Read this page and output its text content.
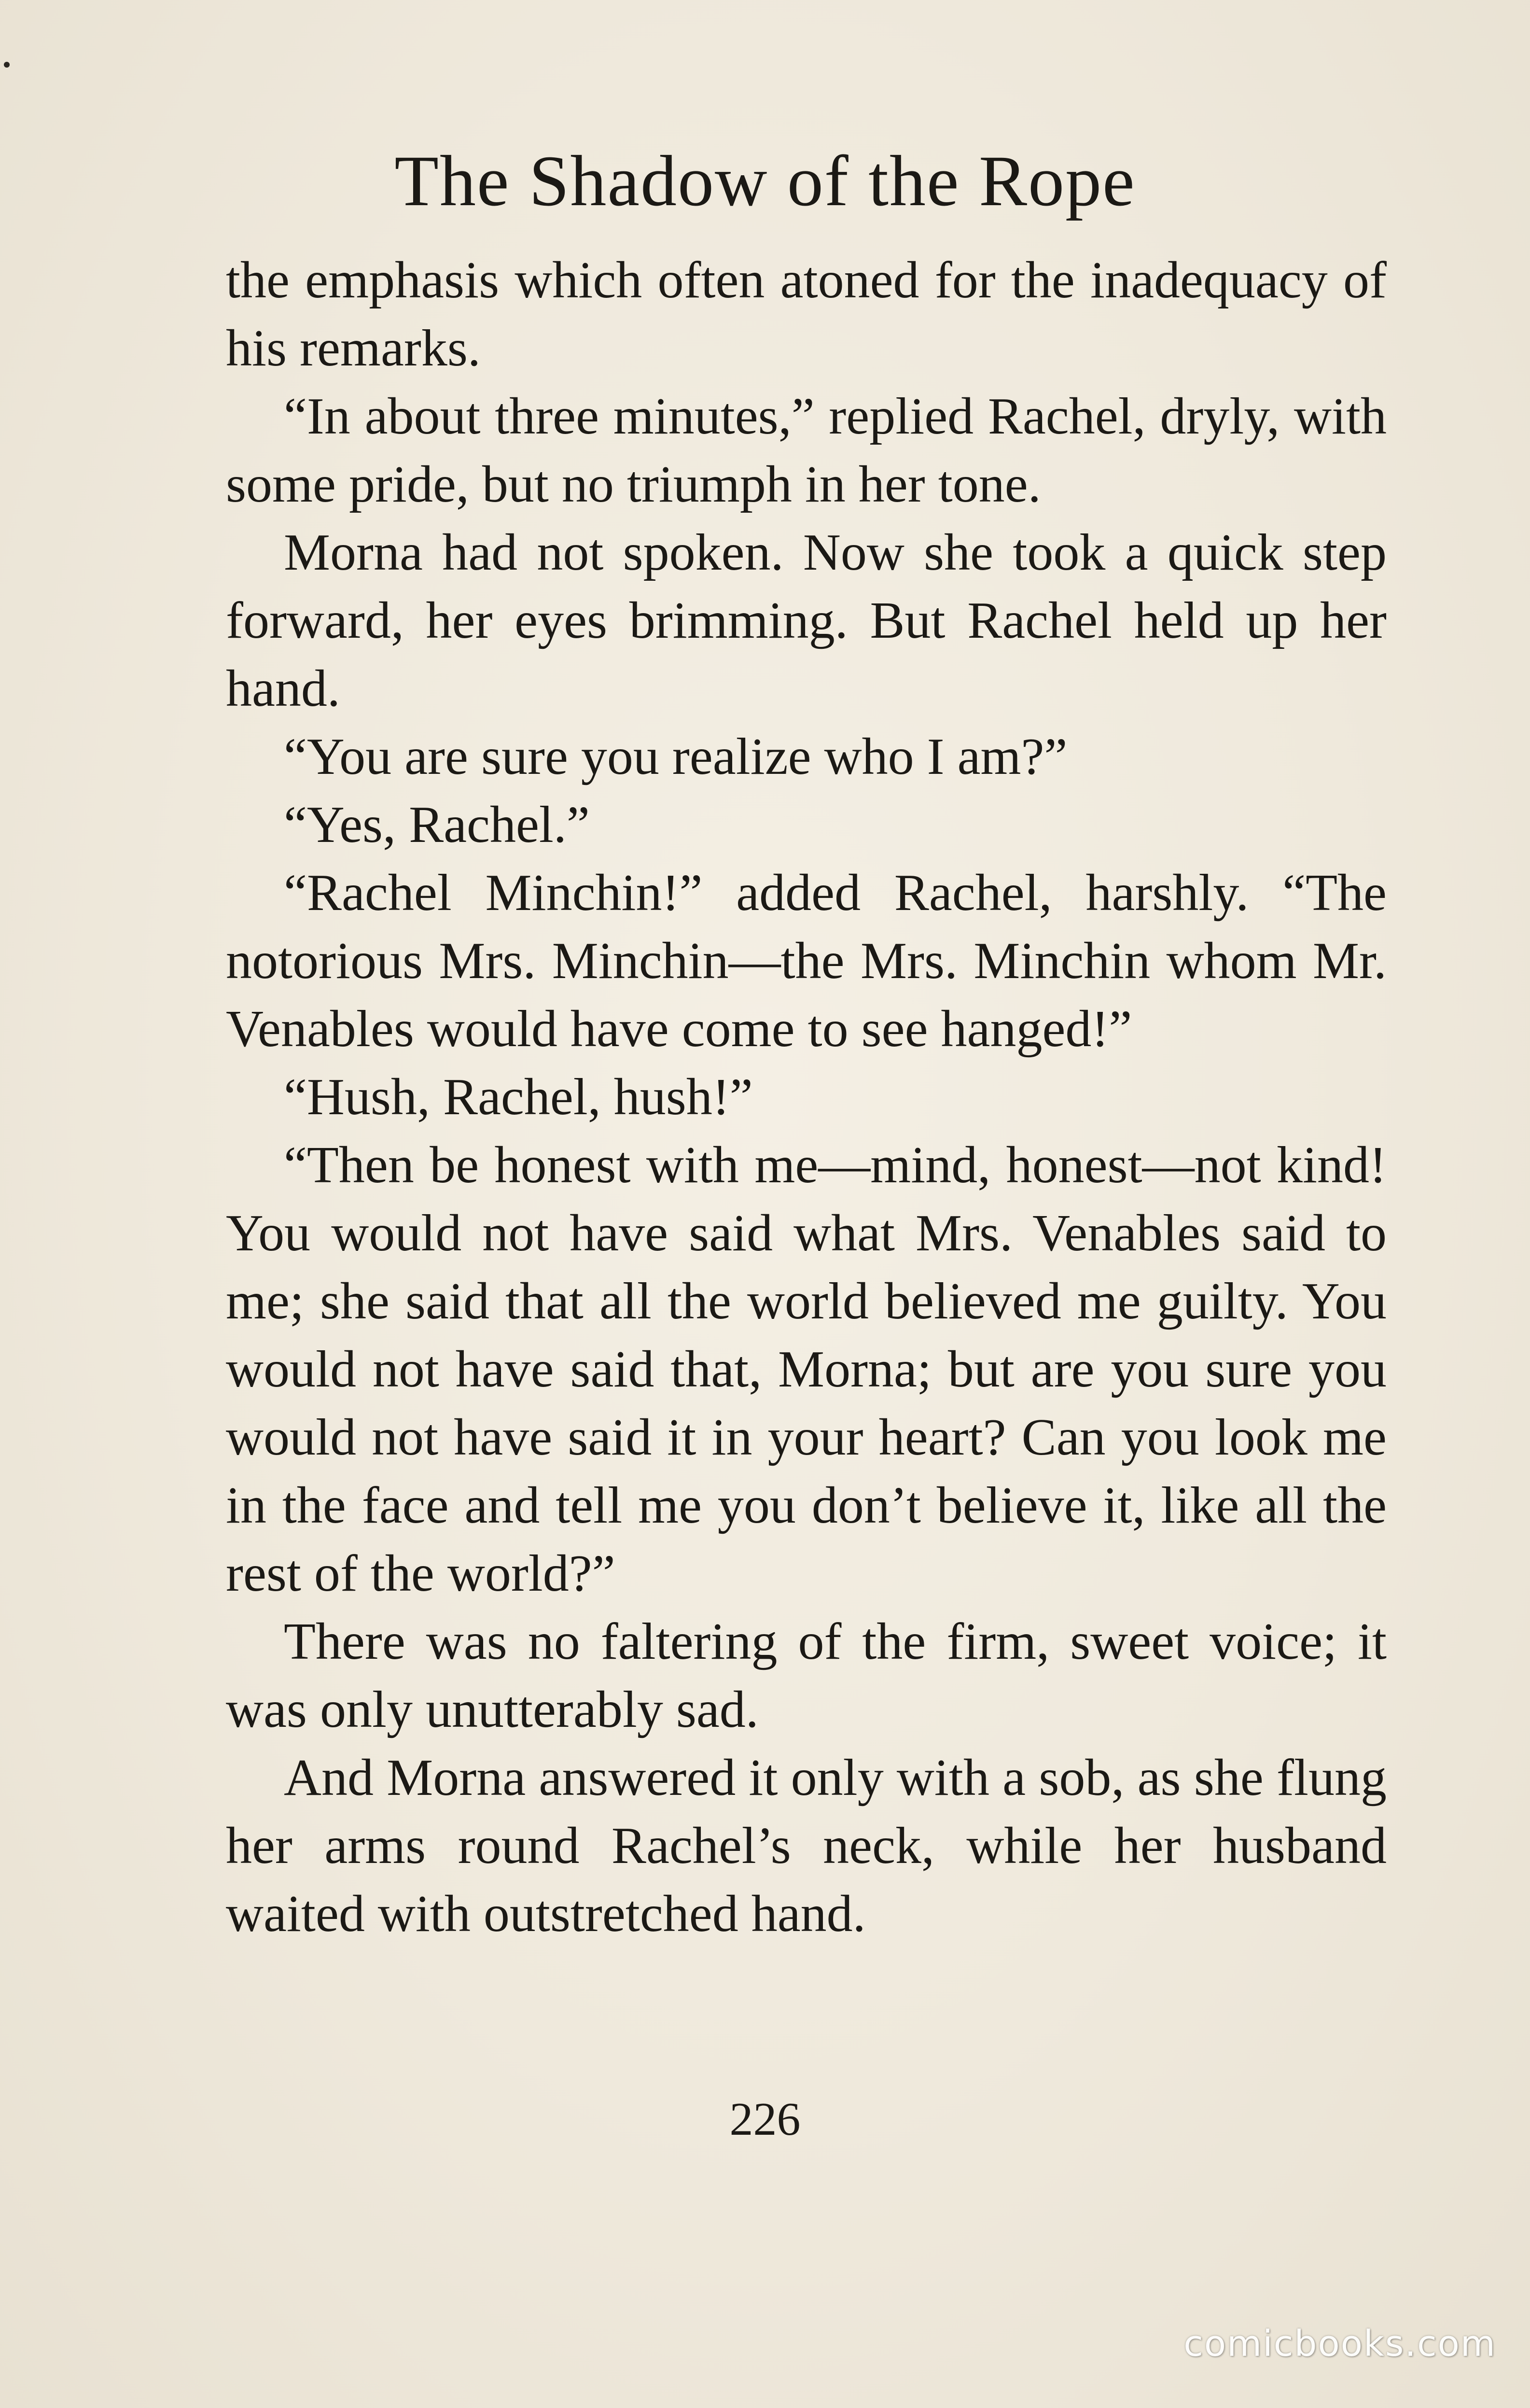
The Shadow of the Rope

the emphasis which often atoned for the inadequacy of his remarks.

“In about three minutes,” replied Rachel, dryly, with some pride, but no triumph in her tone.

Morna had not spoken. Now she took a quick step forward, her eyes brimming. But Rachel held up her hand.

“You are sure you realize who I am?”

“Yes, Rachel.”

“Rachel Minchin!” added Rachel, harshly. “The notorious Mrs. Minchin—the Mrs. Minchin whom Mr. Venables would have come to see hanged!”

“Hush, Rachel, hush!”

“Then be honest with me—mind, honest—not kind! You would not have said what Mrs. Venables said to me; she said that all the world believed me guilty. You would not have said that, Morna; but are you sure you would not have said it in your heart? Can you look me in the face and tell me you don’t believe it, like all the rest of the world?”

There was no faltering of the firm, sweet voice; it was only unutterably sad.

And Morna answered it only with a sob, as she flung her arms round Rachel’s neck, while her husband waited with outstretched hand.

226
comicbooks.com
